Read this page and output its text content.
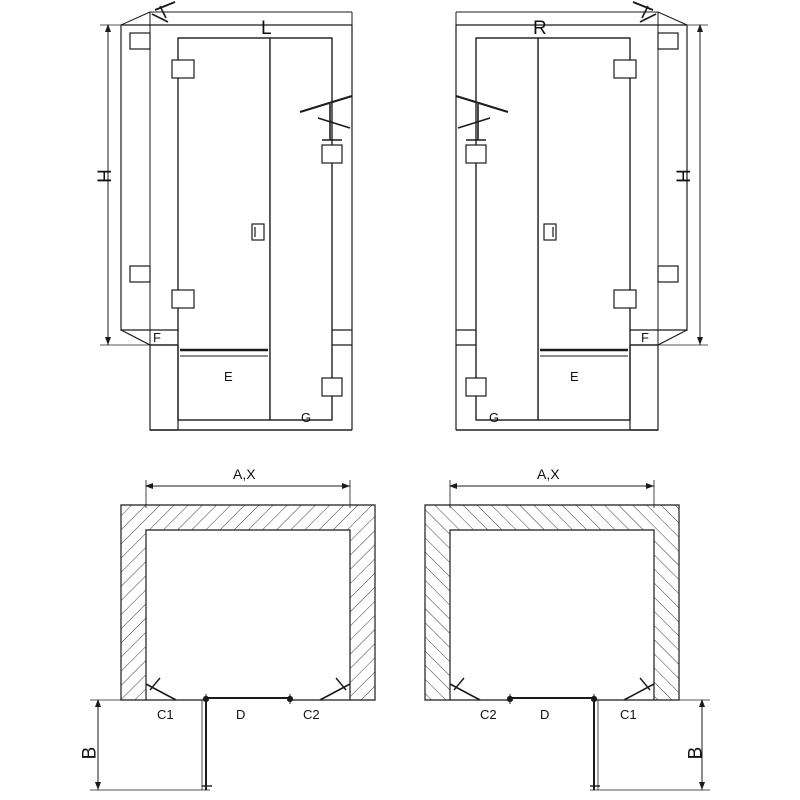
L	R
H	H
F
E
G
F
E
G
A,X	A,X
C1	D	C2	C2	D	C1
B	B
